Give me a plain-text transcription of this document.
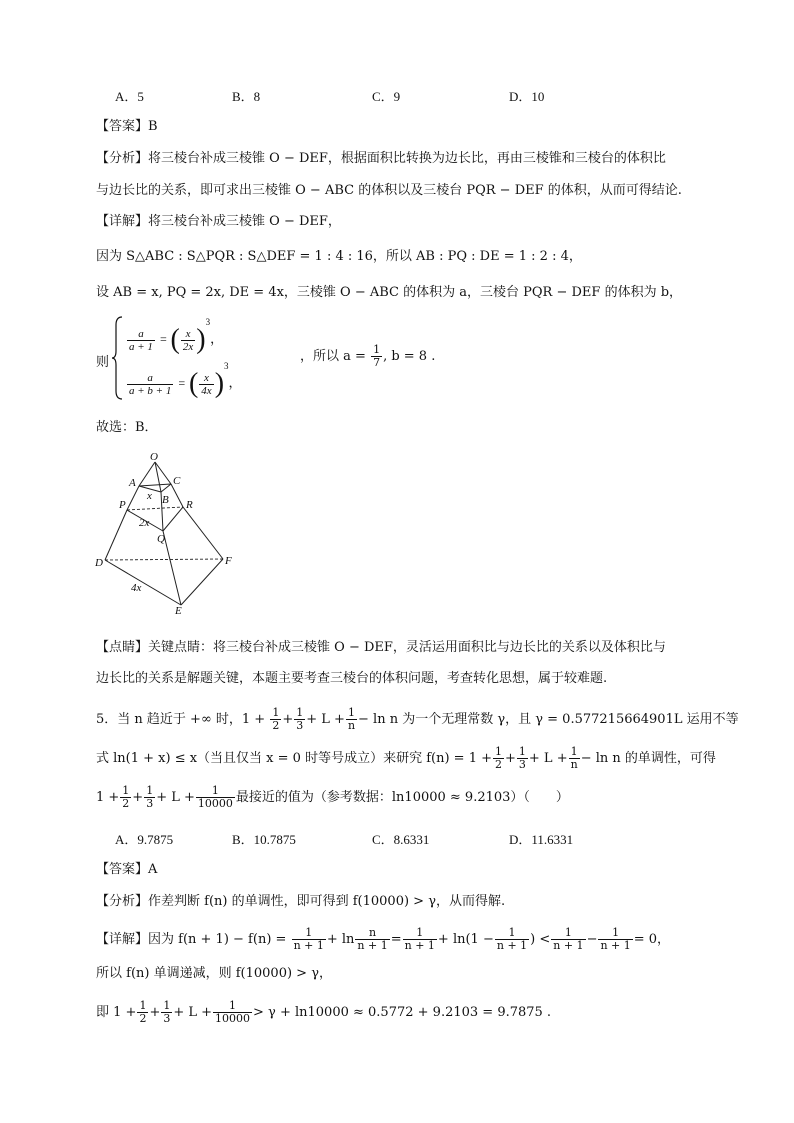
A．5	B．8	C．9	D．10
【答案】B
【分析】将三棱台补成三棱锥 O − DEF，根据面积比转换为边长比，再由三棱锥和三棱台的体积比
与边长比的关系，即可求出三棱锥 O − ABC 的体积以及三棱台 PQR − DEF 的体积，从而可得结论.
【详解】将三棱台补成三棱锥 O − DEF，
因为 S△ABC : S△PQR : S△DEF = 1 : 4 : 16，所以 AB : PQ : DE = 1 : 2 : 4，
设 AB = x, PQ = 2x, DE = 4x，三棱锥 O − ABC 的体积为 a，三棱台 PQR − DEF 的体积为 b，
则
$\frac{a}{a + 1}$ = ( $\frac{x}{2x} )^3$，
$\frac{a}{a + b + 1}$ = ( $\frac{x}{4x} )^3$，
，所以 $a = \frac{1}{7}$ , b = 8 .
故选：B．
O
A	C
B
P	R
Q
D	F
E
x
2x
4x
【点睛】关键点睛：将三棱台补成三棱锥 O − DEF，灵活运用面积比与边长比的关系以及体积比与
边长比的关系是解题关键，本题主要考查三棱台的体积问题，考查转化思想，属于较难题.
5．当 n 趋近于 +∞ 时，$1 + \frac{1}{2} + \frac{1}{3} + L + \frac{1}{n} - \ln n$ 为一个无理常数 γ，且 γ = 0.577215664901L 运用不等
式 ln(1 + x) ≤ x（当且仅当 x = 0 时等号成立）来研究 $f(n) = 1 + \frac{1}{2} + \frac{1}{3} + L + \frac{1}{n} - \ln n$ 的单调性，可得
$1 + \frac{1}{2} + \frac{1}{3} + L + \frac{1}{10000}$ 最接近的值为（参考数据：ln10000 ≈ 9.2103）（　　）
A．9.7875	B．10.7875	C．8.6331	D．11.6331
【答案】A
【分析】作差判断 f(n) 的单调性，即可得到 f(10000) > γ，从而得解.
【详解】因为 $f(n + 1) - f(n) = \frac{1}{n + 1} + \ln \frac{n}{n + 1} = \frac{1}{n + 1} + \ln(1 - \frac{1}{n + 1}$ ) < $\frac{1}{n + 1} - \frac{1}{n + 1} = 0$，
所以 f(n) 单调递减，则 f(10000) > γ，
即 $1 + \frac{1}{2} + \frac{1}{3} + L + \frac{1}{10000} > \gamma + \ln 10000 \approx 0.5772 + 9.2103 = 9.7875$ .
